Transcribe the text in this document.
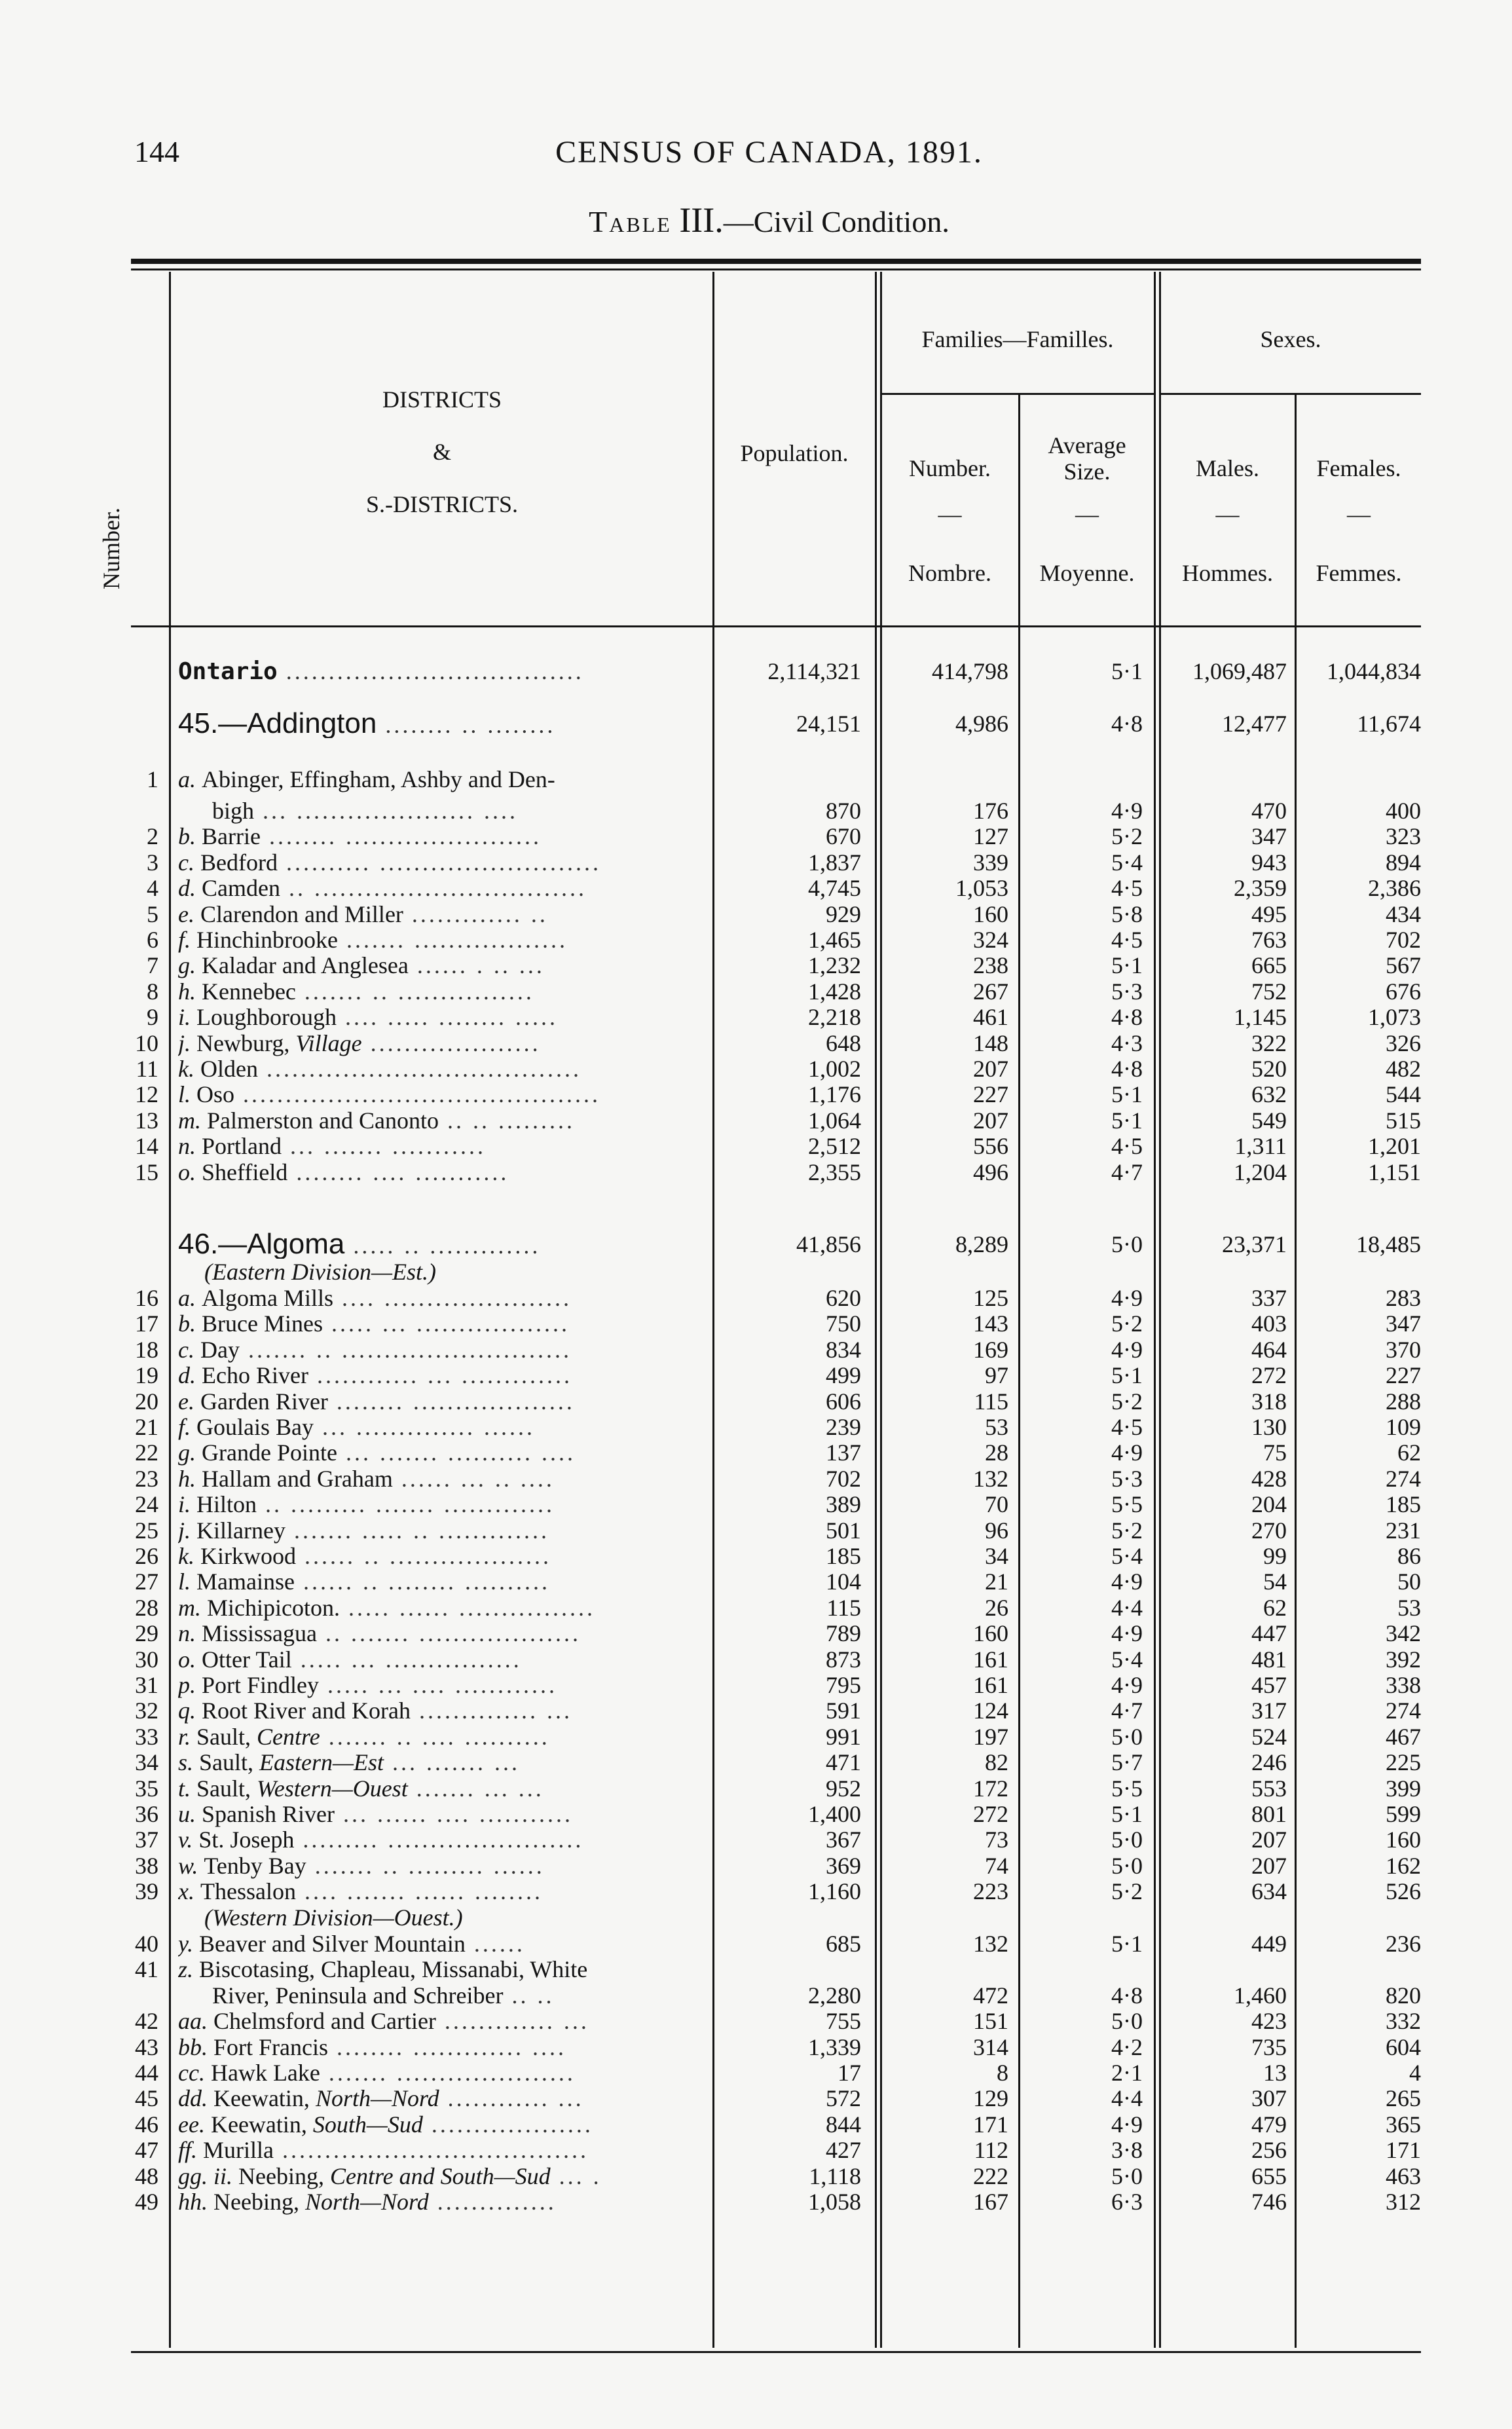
144	CENSUS OF CANADA, 1891.
Table III.—Civil Condition.
Number.
DISTRICTS
&
S.-DISTRICTS.
Population.
Families—Familles.	Sexes.
Number.
—
Nombre.
Average
Size.
—
Moyenne.
Males.
—
Hommes.
Females.
—
Femmes.
Ontario ...................................	2,114,321	414,798	5·1	1,069,487	1,044,834
45.—Addington ........ .. ........	24,151	4,986	4·8	12,477	11,674
1 a. Abinger, Effingham, Ashby and Den-
bigh ... ..................... ....	870	176	4·9	470	400
2 b. Barrie ........ .......................	670	127	5·2	347	323
3 c. Bedford .......... ..........................	1,837	339	5·4	943	894
4 d. Camden .. ................................	4,745	1,053	4·5	2,359	2,386
5 e. Clarendon and Miller ............. ..	929	160	5·8	495	434
6 f. Hinchinbrooke ....... ..................	1,465	324	4·5	763	702
7 g. Kaladar and Anglesea ...... . .. ...	1,232	238	5·1	665	567
8 h. Kennebec ....... .. ................	1,428	267	5·3	752	676
9 i. Loughborough .... ..... ........ .....	2,218	461	4·8	1,145	1,073
10 j. Newburg, Village ....................	648	148	4·3	322	326
11 k. Olden .....................................	1,002	207	4·8	520	482
12 l. Oso ..........................................	1,176	227	5·1	632	544
13 m. Palmerston and Canonto .. .. .........	1,064	207	5·1	549	515
14 n. Portland ... ....... ...........	2,512	556	4·5	1,311	1,201
15 o. Sheffield ........ .... ...........	2,355	496	4·7	1,204	1,151
46.—Algoma ..... .. .............	41,856	8,289	5·0	23,371	18,485
(Eastern Division—Est.)
16 a. Algoma Mills .... ......................	620	125	4·9	337	283
17 b. Bruce Mines ..... ... ..................	750	143	5·2	403	347
18 c. Day ....... .. ...........................	834	169	4·9	464	370
19 d. Echo River ............ ... .............	499	97	5·1	272	227
20 e. Garden River ........ ...................	606	115	5·2	318	288
21 f. Goulais Bay ... .............. ......	239	53	4·5	130	109
22 g. Grande Pointe ... ....... .......... ....	137	28	4·9	75	62
23 h. Hallam and Graham ...... ... .. ....	702	132	5·3	428	274
24 i. Hilton .. ......... ....... .............	389	70	5·5	204	185
25 j. Killarney ....... ..... .. .............	501	96	5·2	270	231
26 k. Kirkwood ...... .. ...................	185	34	5·4	99	86
27 l. Mamainse ...... .. ........ ..........	104	21	4·9	54	50
28 m. Michipicoton. ..... ...... ................	115	26	4·4	62	53
29 n. Mississagua .. ....... ...................	789	160	4·9	447	342
30 o. Otter Tail ..... ... ................	873	161	5·4	481	392
31 p. Port Findley ..... ... .... ............	795	161	4·9	457	338
32 q. Root River and Korah .............. ...	591	124	4·7	317	274
33 r. Sault, Centre ....... .. .... ..........	991	197	5·0	524	467
34 s. Sault, Eastern—Est ... ....... ...	471	82	5·7	246	225
35 t. Sault, Western—Ouest ....... ... ...	952	172	5·5	553	399
36 u. Spanish River ... ...... .... ...........	1,400	272	5·1	801	599
37 v. St. Joseph ......... .......................	367	73	5·0	207	160
38 w. Tenby Bay ....... .. ......... ......	369	74	5·0	207	162
39 x. Thessalon .... ....... ...... ........	1,160	223	5·2	634	526
(Western Division—Ouest.)
40 y. Beaver and Silver Mountain ......	685	132	5·1	449	236
41 z. Biscotasing, Chapleau, Missanabi, White
River, Peninsula and Schreiber .. ..	2,280	472	4·8	1,460	820
42 aa. Chelmsford and Cartier ............. ...	755	151	5·0	423	332
43 bb. Fort Francis ........ ............. ....	1,339	314	4·2	735	604
44 cc. Hawk Lake ....... .....................	17	8	2·1	13	4
45 dd. Keewatin, North—Nord ............ ...	572	129	4·4	307	265
46 ee. Keewatin, South—Sud ...................	844	171	4·9	479	365
47 ff. Murilla ....................................	427	112	3·8	256	171
48 gg. ii. Neebing, Centre and South—Sud ... .	1,118	222	5·0	655	463
49 hh. Neebing, North—Nord ..............	1,058	167	6·3	746	312
